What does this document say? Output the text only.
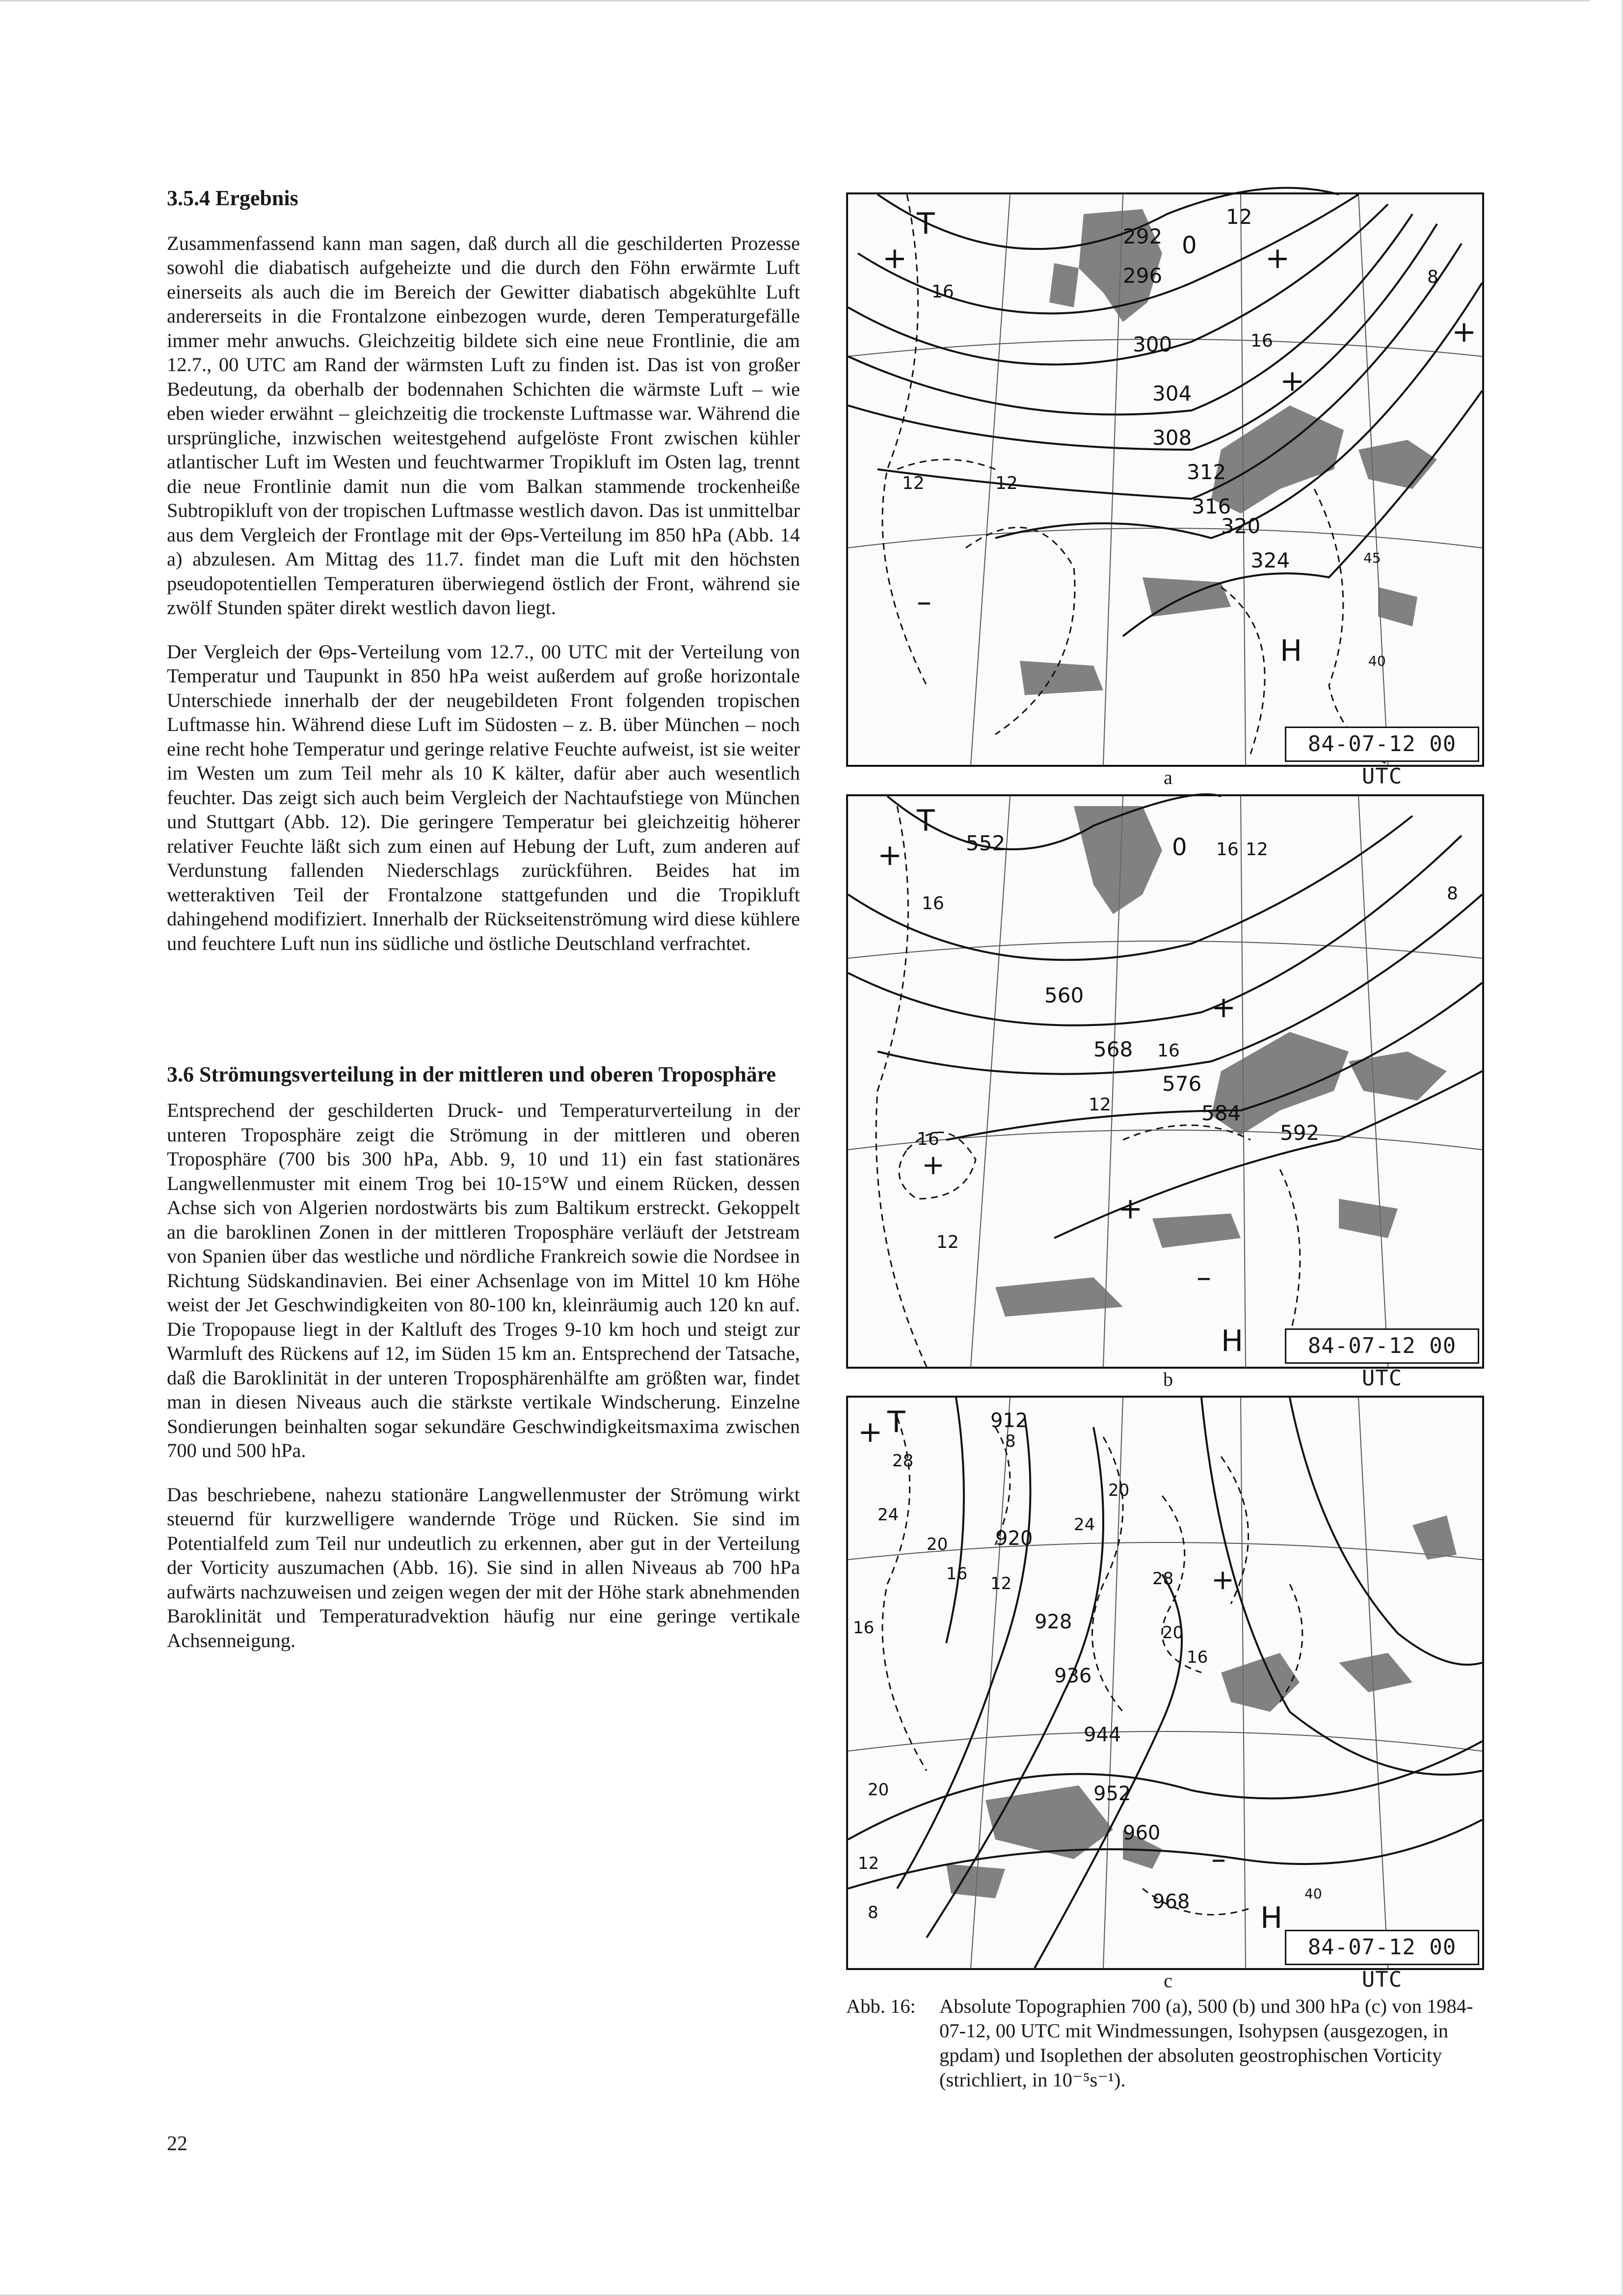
3.5.4 Ergebnis

Zusammenfassend kann man sagen, daß durch all die geschilderten Prozesse sowohl die diabatisch aufgeheizte und die durch den Föhn erwärmte Luft einerseits als auch die im Bereich der Gewitter diabatisch abgekühlte Luft andererseits in die Frontalzone einbezogen wurde, deren Temperaturgefälle immer mehr anwuchs. Gleichzeitig bildete sich eine neue Frontlinie, die am 12.7., 00 UTC am Rand der wärmsten Luft zu finden ist. Das ist von großer Bedeutung, da oberhalb der bodennahen Schichten die wärmste Luft – wie eben wieder erwähnt – gleichzeitig die trockenste Luftmasse war. Während die ursprüngliche, inzwischen weitestgehend aufgelöste Front zwischen kühler atlantischer Luft im Westen und feuchtwarmer Tropikluft im Osten lag, trennt die neue Frontlinie damit nun die vom Balkan stammende trockenheiße Subtropikluft von der tropischen Luftmasse westlich davon. Das ist unmittelbar aus dem Vergleich der Frontlage mit der Θps-Verteilung im 850 hPa (Abb. 14 a) abzulesen. Am Mittag des 11.7. findet man die Luft mit den höchsten pseudopotentiellen Temperaturen überwiegend östlich der Front, während sie zwölf Stunden später direkt westlich davon liegt.

Der Vergleich der Θps-Verteilung vom 12.7., 00 UTC mit der Verteilung von Temperatur und Taupunkt in 850 hPa weist außerdem auf große horizontale Unterschiede innerhalb der der neugebildeten Front folgenden tropischen Luftmasse hin. Während diese Luft im Südosten – z. B. über München – noch eine recht hohe Temperatur und geringe relative Feuchte aufweist, ist sie weiter im Westen um zum Teil mehr als 10 K kälter, dafür aber auch wesentlich feuchter. Das zeigt sich auch beim Vergleich der Nachtaufstiege von München und Stuttgart (Abb. 12). Die geringere Temperatur bei gleichzeitig höherer relativer Feuchte läßt sich zum einen auf Hebung der Luft, zum anderen auf Verdunstung fallenden Niederschlags zurückführen. Beides hat im wetteraktiven Teil der Frontalzone stattgefunden und die Tropikluft dahingehend modifiziert. Innerhalb der Rückseitenströmung wird diese kühlere und feuchtere Luft nun ins südliche und östliche Deutschland verfrachtet.

3.6 Strömungsverteilung in der mittleren und oberen Troposphäre

Entsprechend der geschilderten Druck- und Temperaturverteilung in der unteren Troposphäre zeigt die Strömung in der mittleren und oberen Troposphäre (700 bis 300 hPa, Abb. 9, 10 und 11) ein fast stationäres Langwellenmuster mit einem Trog bei 10-15°W und einem Rücken, dessen Achse sich von Algerien nordostwärts bis zum Baltikum erstreckt. Gekoppelt an die baroklinen Zonen in der mittleren Troposphäre verläuft der Jetstream von Spanien über das westliche und nördliche Frankreich sowie die Nordsee in Richtung Südskandinavien. Bei einer Achsenlage von im Mittel 10 km Höhe weist der Jet Geschwindigkeiten von 80-100 kn, kleinräumig auch 120 kn auf. Die Tropopause liegt in der Kaltluft des Troges 9-10 km hoch und steigt zur Warmluft des Rückens auf 12, im Süden 15 km an. Entsprechend der Tatsache, daß die Baroklinität in der unteren Troposphärenhälfte am größten war, findet man in diesen Niveaus auch die stärkste vertikale Windscherung. Einzelne Sondierungen beinhalten sogar sekundäre Geschwindigkeitsmaxima zwischen 700 und 500 hPa.

Das beschriebene, nahezu stationäre Langwellenmuster der Strömung wirkt steuernd für kurzwelligere wandernde Tröge und Rücken. Sie sind im Potentialfeld zum Teil nur undeutlich zu erkennen, aber gut in der Verteilung der Vorticity auszumachen (Abb. 16). Sie sind in allen Niveaus ab 700 hPa aufwärts nachzuweisen und zeigen wegen der mit der Höhe stark abnehmenden Baroklinität und Temperaturadvektion häufig nur eine geringe vertikale Achsenneigung.

22
T
+	+
+
+
–
H
292
296
300
304
308
312
316
320
324
16
12
16
12
8
12
40
45
0
84-07-12 00 UTC
a
T
+
+
+
+
–
H
552
560
568
576
584
592
16
16
16 12
16
12
12
8
0
84-07-12 00 UTC
b
T
+
+
–
H
912
920
928
936
944
952
960
968
28
24
20
16 12
8
20
24
28
20
16
20
16
12
8
40
84-07-12 00 UTC
c
Abb. 16: Absolute Topographien 700 (a), 500 (b) und 300 hPa (c) von 1984-07-12, 00 UTC mit Windmessungen, Isohypsen (ausgezogen, in gpdam) und Isoplethen der absoluten geostrophischen Vorticity (strichliert, in 10⁻⁵s⁻¹).
